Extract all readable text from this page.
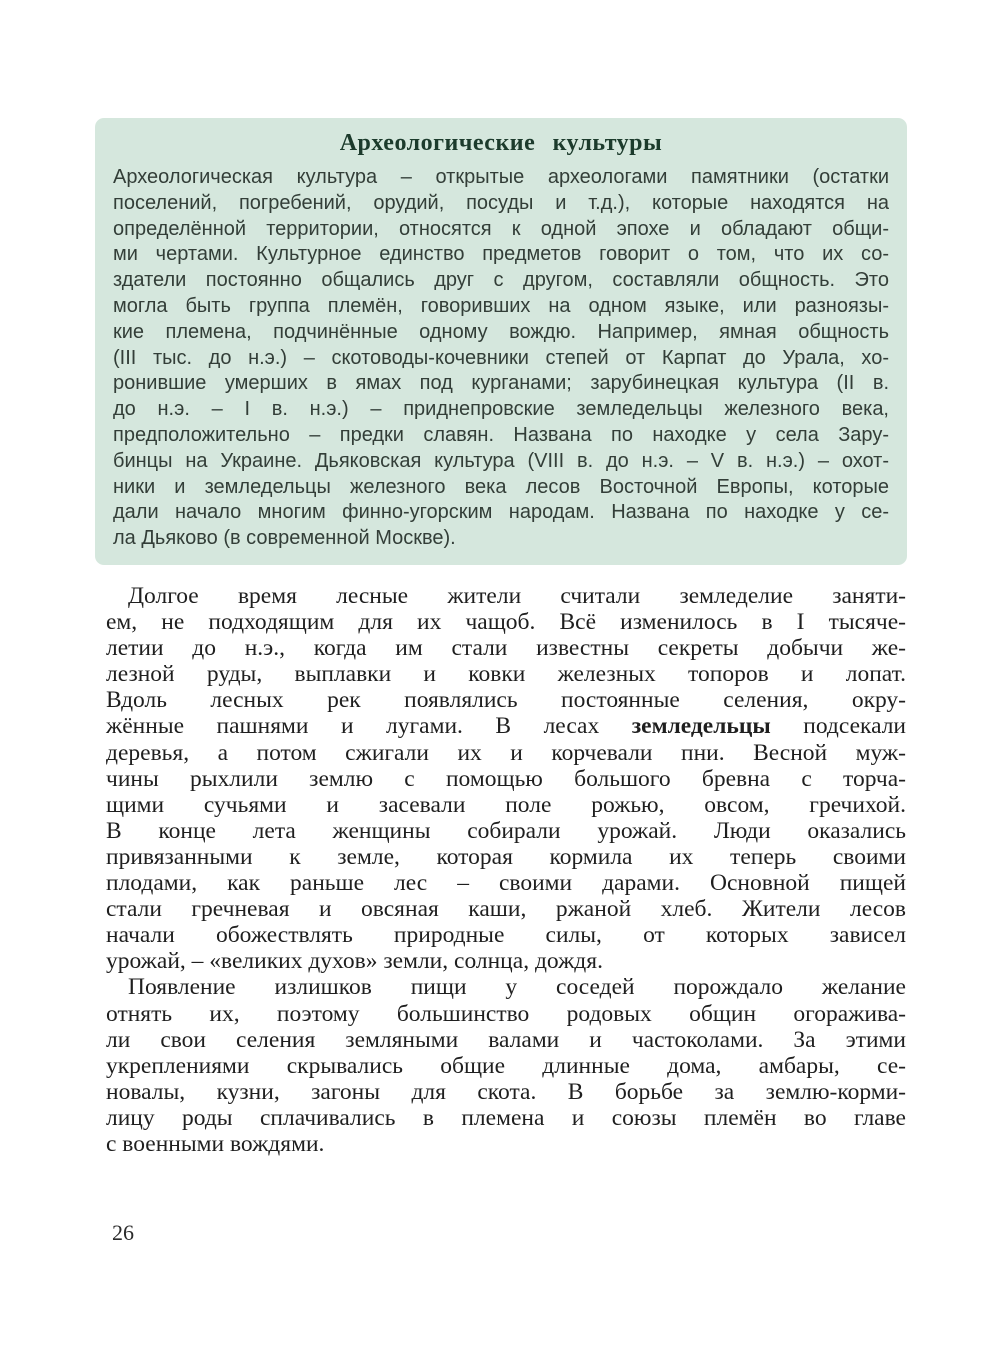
Археологические культуры
Археологическая культура – открытые археологами памятники (остатки
поселений, погребений, орудий, посуды и т.д.), которые находятся на
определённой территории, относятся к одной эпохе и обладают общи-
ми чертами. Культурное единство предметов говорит о том, что их со-
здатели постоянно общались друг с другом, составляли общность. Это
могла быть группа племён, говоривших на одном языке, или разноязы-
кие племена, подчинённые одному вождю. Например, ямная общность
(III тыс. до н.э.) – скотоводы-кочевники степей от Карпат до Урала, хо-
ронившие умерших в ямах под курганами; зарубинецкая культура (II в.
до н.э. – I в. н.э.) – приднепровские земледельцы железного века,
предположительно – предки славян. Названа по находке у села Зару-
бинцы на Украине. Дьяковская культура (VIII в. до н.э. – V в. н.э.) – охот-
ники и земледельцы железного века лесов Восточной Европы, которые
дали начало многим финно-угорским народам. Названа по находке у се-
ла Дьяково (в современной Москве).
Долгое время лесные жители считали земледелие заняти-
ем, не подходящим для их чащоб. Всё изменилось в I тысяче-
летии до н.э., когда им стали известны секреты добычи же-
лезной руды, выплавки и ковки железных топоров и лопат.
Вдоль лесных рек появлялись постоянные селения, окру-
жённые пашнями и лугами. В лесах земледельцы подсекали
деревья, а потом сжигали их и корчевали пни. Весной муж-
чины рыхлили землю с помощью большого бревна с торча-
щими сучьями и засевали поле рожью, овсом, гречихой.
В конце лета женщины собирали урожай. Люди оказались
привязанными к земле, которая кормила их теперь своими
плодами, как раньше лес – своими дарами. Основной пищей
стали гречневая и овсяная каши, ржаной хлеб. Жители лесов
начали обожествлять природные силы, от которых зависел
урожай, – «великих духов» земли, солнца, дождя.
Появление излишков пищи у соседей порождало желание
отнять их, поэтому большинство родовых общин огоражива-
ли свои селения земляными валами и частоколами. За этими
укреплениями скрывались общие длинные дома, амбары, се-
новалы, кузни, загоны для скота. В борьбе за землю-корми-
лицу роды сплачивались в племена и союзы племён во главе
с военными вождями.
26
